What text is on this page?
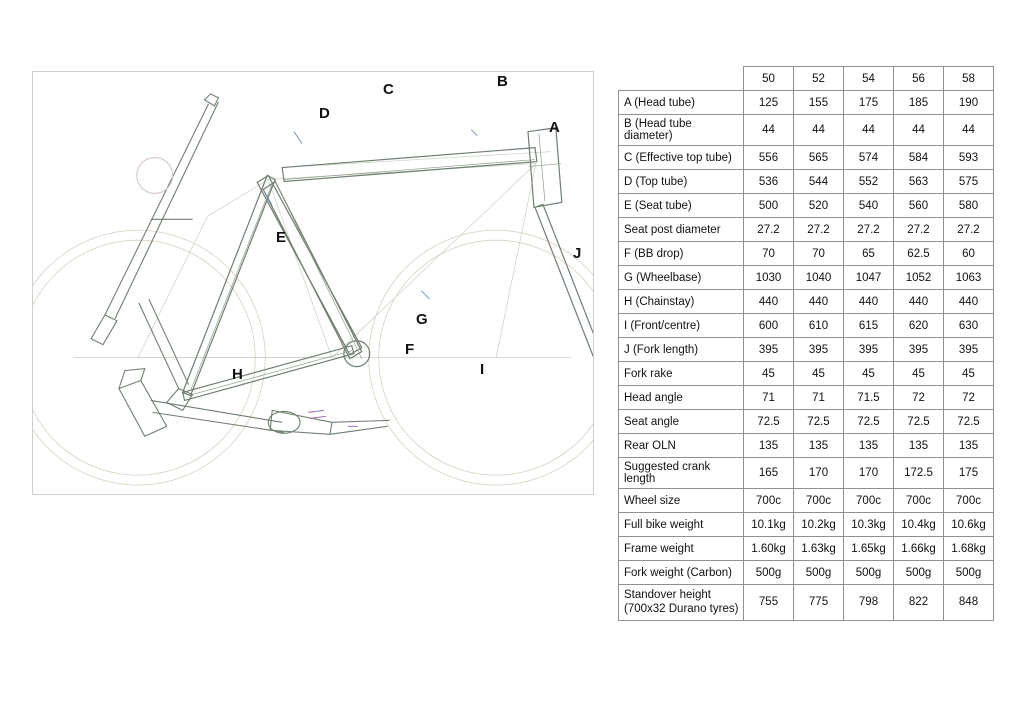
A
B
C
D
E
F
G
H	I
J
	50	52	54	56	58
A (Head tube)	125	155	175	185	190
B (Head tube diameter)	44	44	44	44	44
C (Effective top tube)	556	565	574	584	593
D (Top tube)	536	544	552	563	575
E (Seat tube)	500	520	540	560	580
Seat post diameter	27.2	27.2	27.2	27.2	27.2
F (BB drop)	70	70	65	62.5	60
G (Wheelbase)	1030	1040	1047	1052	1063
H (Chainstay)	440	440	440	440	440
I (Front/centre)	600	610	615	620	630
J (Fork length)	395	395	395	395	395
Fork rake	45	45	45	45	45
Head angle	71	71	71.5	72	72
Seat angle	72.5	72.5	72.5	72.5	72.5
Rear OLN	135	135	135	135	135
Suggested crank length	165	170	170	172.5	175
Wheel size	700c	700c	700c	700c	700c
Full bike weight	10.1kg	10.2kg	10.3kg	10.4kg	10.6kg
Frame weight	1.60kg	1.63kg	1.65kg	1.66kg	1.68kg
Fork weight (Carbon)	500g	500g	500g	500g	500g
Standover height
(700x32 Durano tyres)	755	775	798	822	848
